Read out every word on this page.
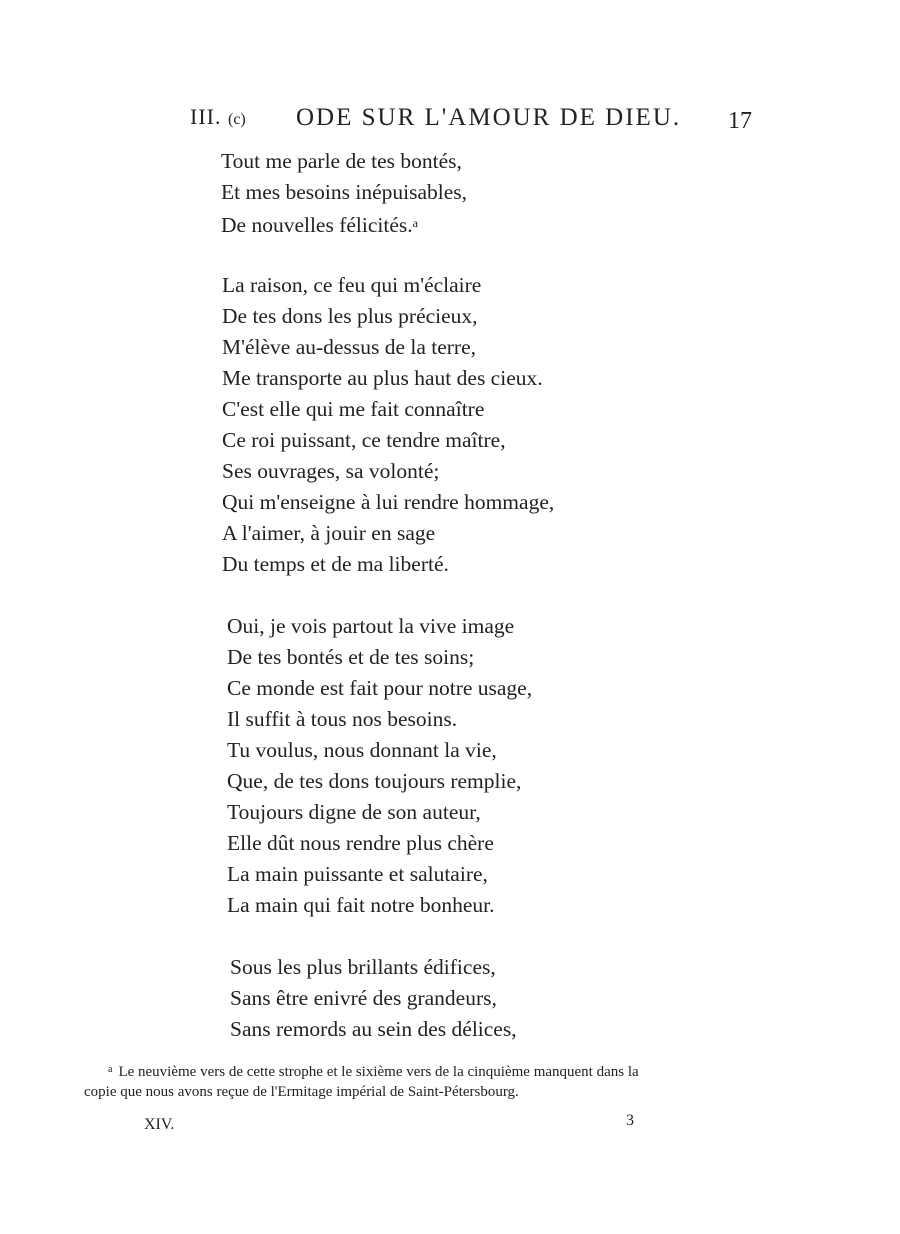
III. (c) ODE SUR L'AMOUR DE DIEU. 17
Tout me parle de tes bontés,
Et mes besoins inépuisables,
De nouvelles félicités.$^a$
La raison, ce feu qui m'éclaire
De tes dons les plus précieux,
M'élève au-dessus de la terre,
Me transporte au plus haut des cieux.
C'est elle qui me fait connaître
Ce roi puissant, ce tendre maître,
Ses ouvrages, sa volonté;
Qui m'enseigne à lui rendre hommage,
A l'aimer, à jouir en sage
Du temps et de ma liberté.
Oui, je vois partout la vive image
De tes bontés et de tes soins;
Ce monde est fait pour notre usage,
Il suffit à tous nos besoins.
Tu voulus, nous donnant la vie,
Que, de tes dons toujours remplie,
Toujours digne de son auteur,
Elle dût nous rendre plus chère
La main puissante et salutaire,
La main qui fait notre bonheur.
Sous les plus brillants édifices,
Sans être enivré des grandeurs,
Sans remords au sein des délices,
$^a$ Le neuvième vers de cette strophe et le sixième vers de la cinquième manquent dans la
copie que nous avons reçue de l'Ermitage impérial de Saint-Pétersbourg.
XIV.	3
